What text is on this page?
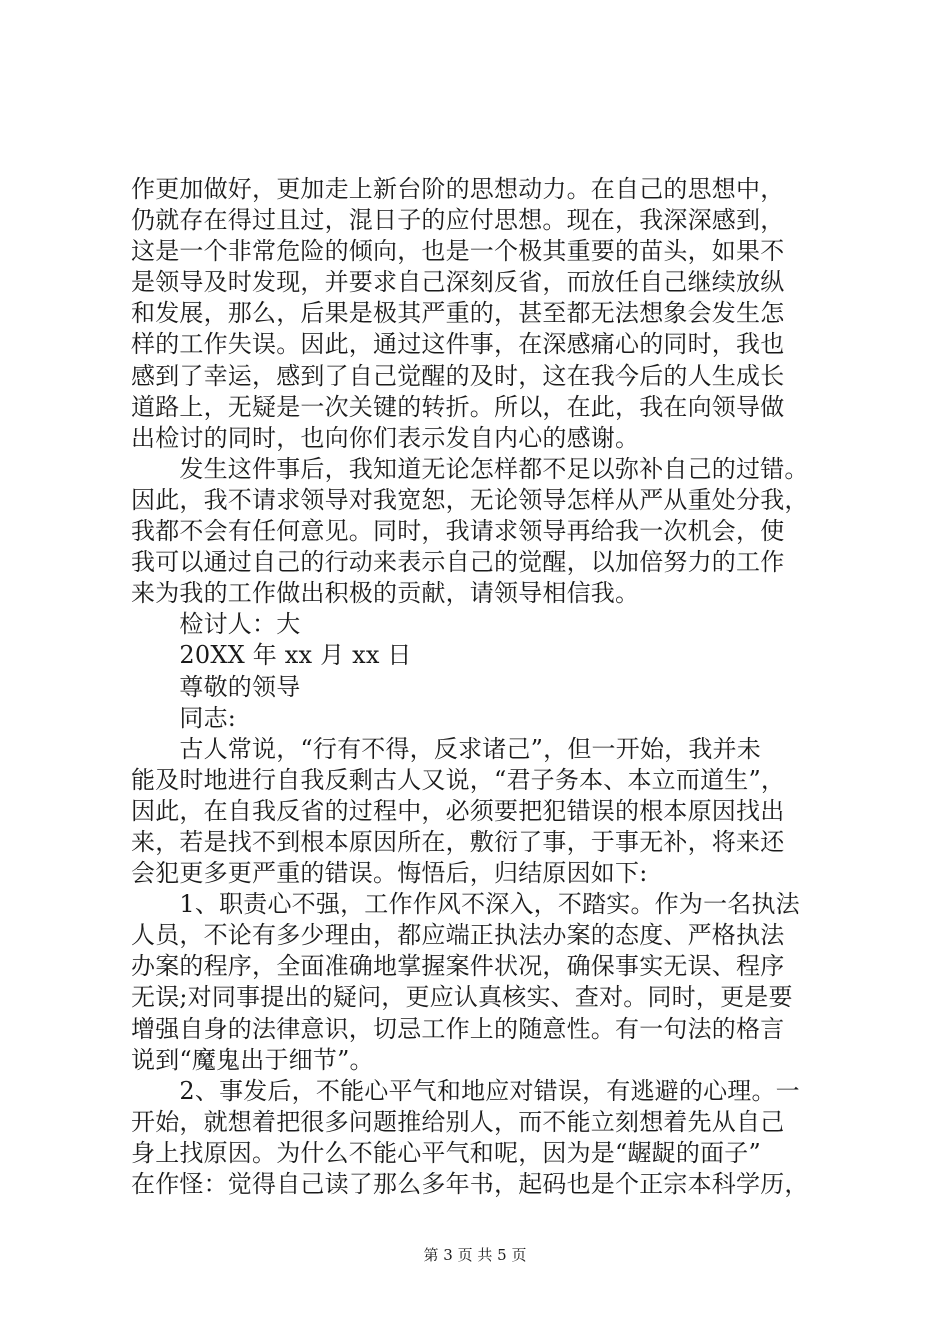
作更加做好，更加走上新台阶的思想动力。在自己的思想中，
仍就存在得过且过，混日子的应付思想。现在，我深深感到，
这是一个非常危险的倾向，也是一个极其重要的苗头，如果不
是领导及时发现，并要求自己深刻反省，而放任自己继续放纵
和发展，那么，后果是极其严重的，甚至都无法想象会发生怎
样的工作失误。因此，通过这件事，在深感痛心的同时，我也
感到了幸运，感到了自己觉醒的及时，这在我今后的人生成长
道路上，无疑是一次关键的转折。所以，在此，我在向领导做
出检讨的同时，也向你们表示发自内心的感谢。
　　发生这件事后，我知道无论怎样都不足以弥补自己的过错。
因此，我不请求领导对我宽恕，无论领导怎样从严从重处分我，
我都不会有任何意见。同时，我请求领导再给我一次机会，使
我可以通过自己的行动来表示自己的觉醒，以加倍努力的工作
来为我的工作做出积极的贡献，请领导相信我。
　　检讨人：大
　　20XX 年 xx 月 xx 日
　　尊敬的领导
　　同志:
　　古人常说，“行有不得，反求诸己”，但一开始，我并未
能及时地进行自我反剩古人又说，“君子务本、本立而道生”，
因此，在自我反省的过程中，必须要把犯错误的根本原因找出
来，若是找不到根本原因所在，敷衍了事，于事无补，将来还
会犯更多更严重的错误。悔悟后，归结原因如下:
　　1、职责心不强，工作作风不深入，不踏实。作为一名执法
人员，不论有多少理由，都应端正执法办案的态度、严格执法
办案的程序，全面准确地掌握案件状况，确保事实无误、程序
无误;对同事提出的疑问，更应认真核实、查对。同时，更是要
增强自身的法律意识，切忌工作上的随意性。有一句法的格言
说到“魔鬼出于细节”。
　　2、事发后，不能心平气和地应对错误，有逃避的心理。一
开始，就想着把很多问题推给别人，而不能立刻想着先从自己
身上找原因。为什么不能心平气和呢，因为是“龌龊的面子”
在作怪：觉得自己读了那么多年书，起码也是个正宗本科学历，
第 3 页 共 5 页
